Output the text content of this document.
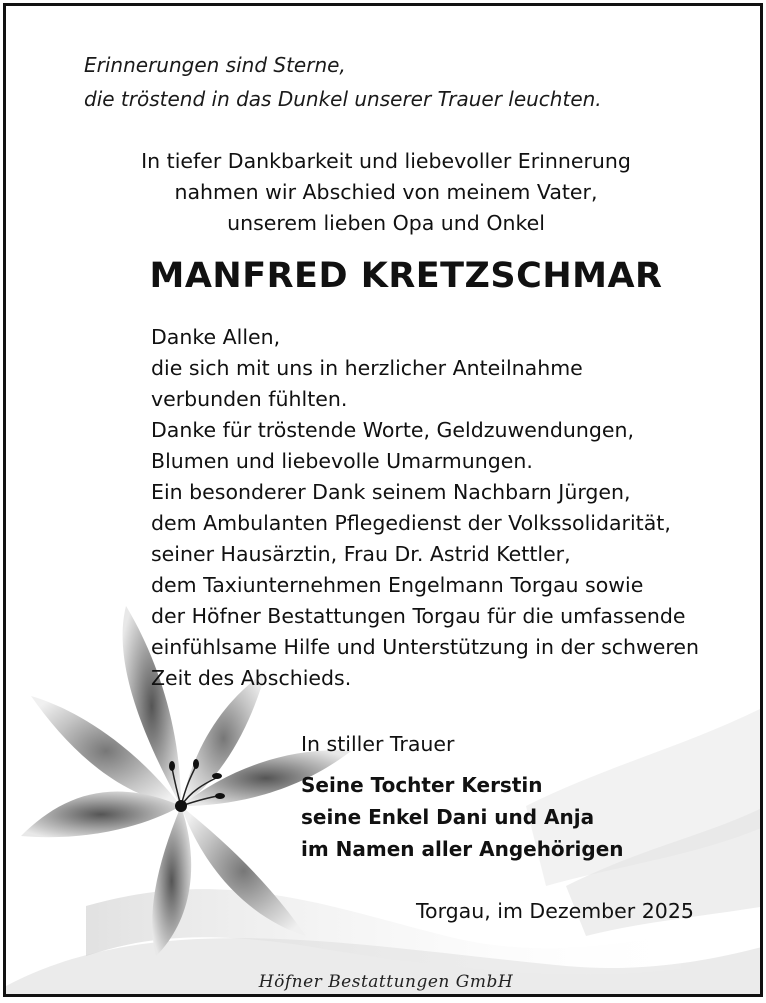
Erinnerungen sind Sterne,
die tröstend in das Dunkel unserer Trauer leuchten.
In tiefer Dankbarkeit und liebevoller Erinnerung
nahmen wir Abschied von meinem Vater,
unserem lieben Opa und Onkel
MANFRED KRETZSCHMAR
Danke Allen,
die sich mit uns in herzlicher Anteilnahme
verbunden fühlten.
Danke für tröstende Worte, Geldzuwendungen,
Blumen und liebevolle Umarmungen.
Ein besonderer Dank seinem Nachbarn Jürgen,
dem Ambulanten Pflegedienst der Volkssolidarität,
seiner Hausärztin, Frau Dr. Astrid Kettler,
dem Taxiunternehmen Engelmann Torgau sowie
der Höfner Bestattungen Torgau für die umfassende
einfühlsame Hilfe und Unterstützung in der schweren
Zeit des Abschieds.
In stiller Trauer
Seine Tochter Kerstin
seine Enkel Dani und Anja
im Namen aller Angehörigen
Torgau, im Dezember 2025
Höfner Bestattungen GmbH
